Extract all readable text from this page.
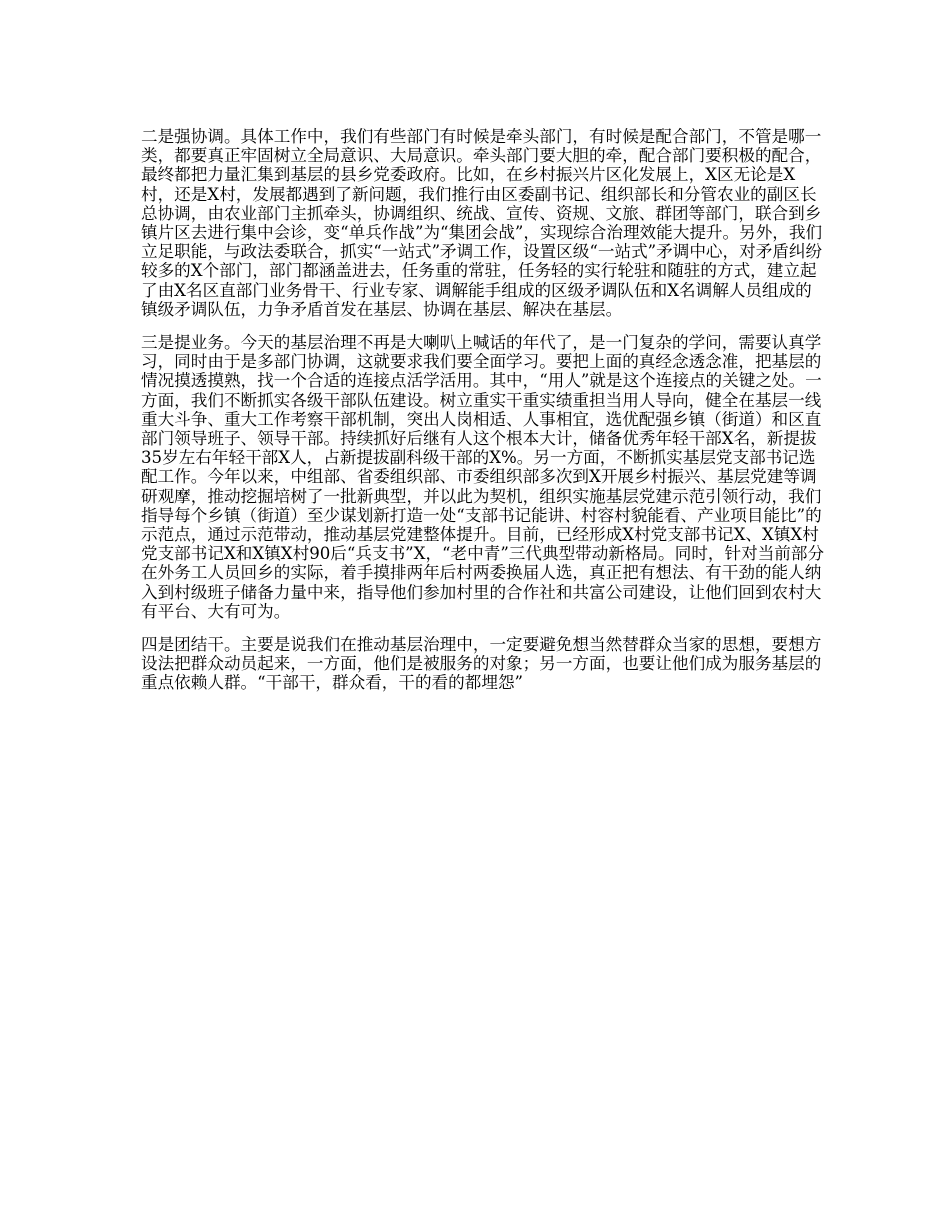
二是强协调。具体工作中，我们有些部门有时候是牵头部门，有时候是配合部门，不管是哪一类，都要真正牢固树立全局意识、大局意识。牵头部门要大胆的牵，配合部门要积极的配合，最终都把力量汇集到基层的县乡党委政府。比如，在乡村振兴片区化发展上，X区无论是X村，还是X村，发展都遇到了新问题，我们推行由区委副书记、组织部长和分管农业的副区长总协调，由农业部门主抓牵头，协调组织、统战、宣传、资规、文旅、群团等部门，联合到乡镇片区去进行集中会诊，变“单兵作战”为“集团会战”，实现综合治理效能大提升。另外，我们立足职能，与政法委联合，抓实“一站式”矛调工作，设置区级“一站式”矛调中心，对矛盾纠纷较多的X个部门，部门都涵盖进去，任务重的常驻，任务轻的实行轮驻和随驻的方式，建立起了由X名区直部门业务骨干、行业专家、调解能手组成的区级矛调队伍和X名调解人员组成的镇级矛调队伍，力争矛盾首发在基层、协调在基层、解决在基层。

三是提业务。今天的基层治理不再是大喇叭上喊话的年代了，是一门复杂的学问，需要认真学习，同时由于是多部门协调，这就要求我们要全面学习。要把上面的真经念透念准，把基层的情况摸透摸熟，找一个合适的连接点活学活用。其中，“用人”就是这个连接点的关键之处。一方面，我们不断抓实各级干部队伍建设。树立重实干重实绩重担当用人导向，健全在基层一线重大斗争、重大工作考察干部机制，突出人岗相适、人事相宜，选优配强乡镇（街道）和区直部门领导班子、领导干部。持续抓好后继有人这个根本大计，储备优秀年轻干部X名，新提拔35岁左右年轻干部X人，占新提拔副科级干部的X%。另一方面，不断抓实基层党支部书记选配工作。今年以来，中组部、省委组织部、市委组织部多次到X开展乡村振兴、基层党建等调研观摩，推动挖掘培树了一批新典型，并以此为契机，组织实施基层党建示范引领行动，我们指导每个乡镇（街道）至少谋划新打造一处“支部书记能讲、村容村貌能看、产业项目能比”的示范点，通过示范带动，推动基层党建整体提升。目前，已经形成X村党支部书记X、X镇X村党支部书记X和X镇X村90后“兵支书”X，“老中青”三代典型带动新格局。同时，针对当前部分在外务工人员回乡的实际，着手摸排两年后村两委换届人选，真正把有想法、有干劲的能人纳入到村级班子储备力量中来，指导他们参加村里的合作社和共富公司建设，让他们回到农村大有平台、大有可为。

四是团结干。主要是说我们在推动基层治理中，一定要避免想当然替群众当家的思想，要想方设法把群众动员起来，一方面，他们是被服务的对象；另一方面，也要让他们成为服务基层的重点依赖人群。“干部干，群众看，干的看的都埋怨”
